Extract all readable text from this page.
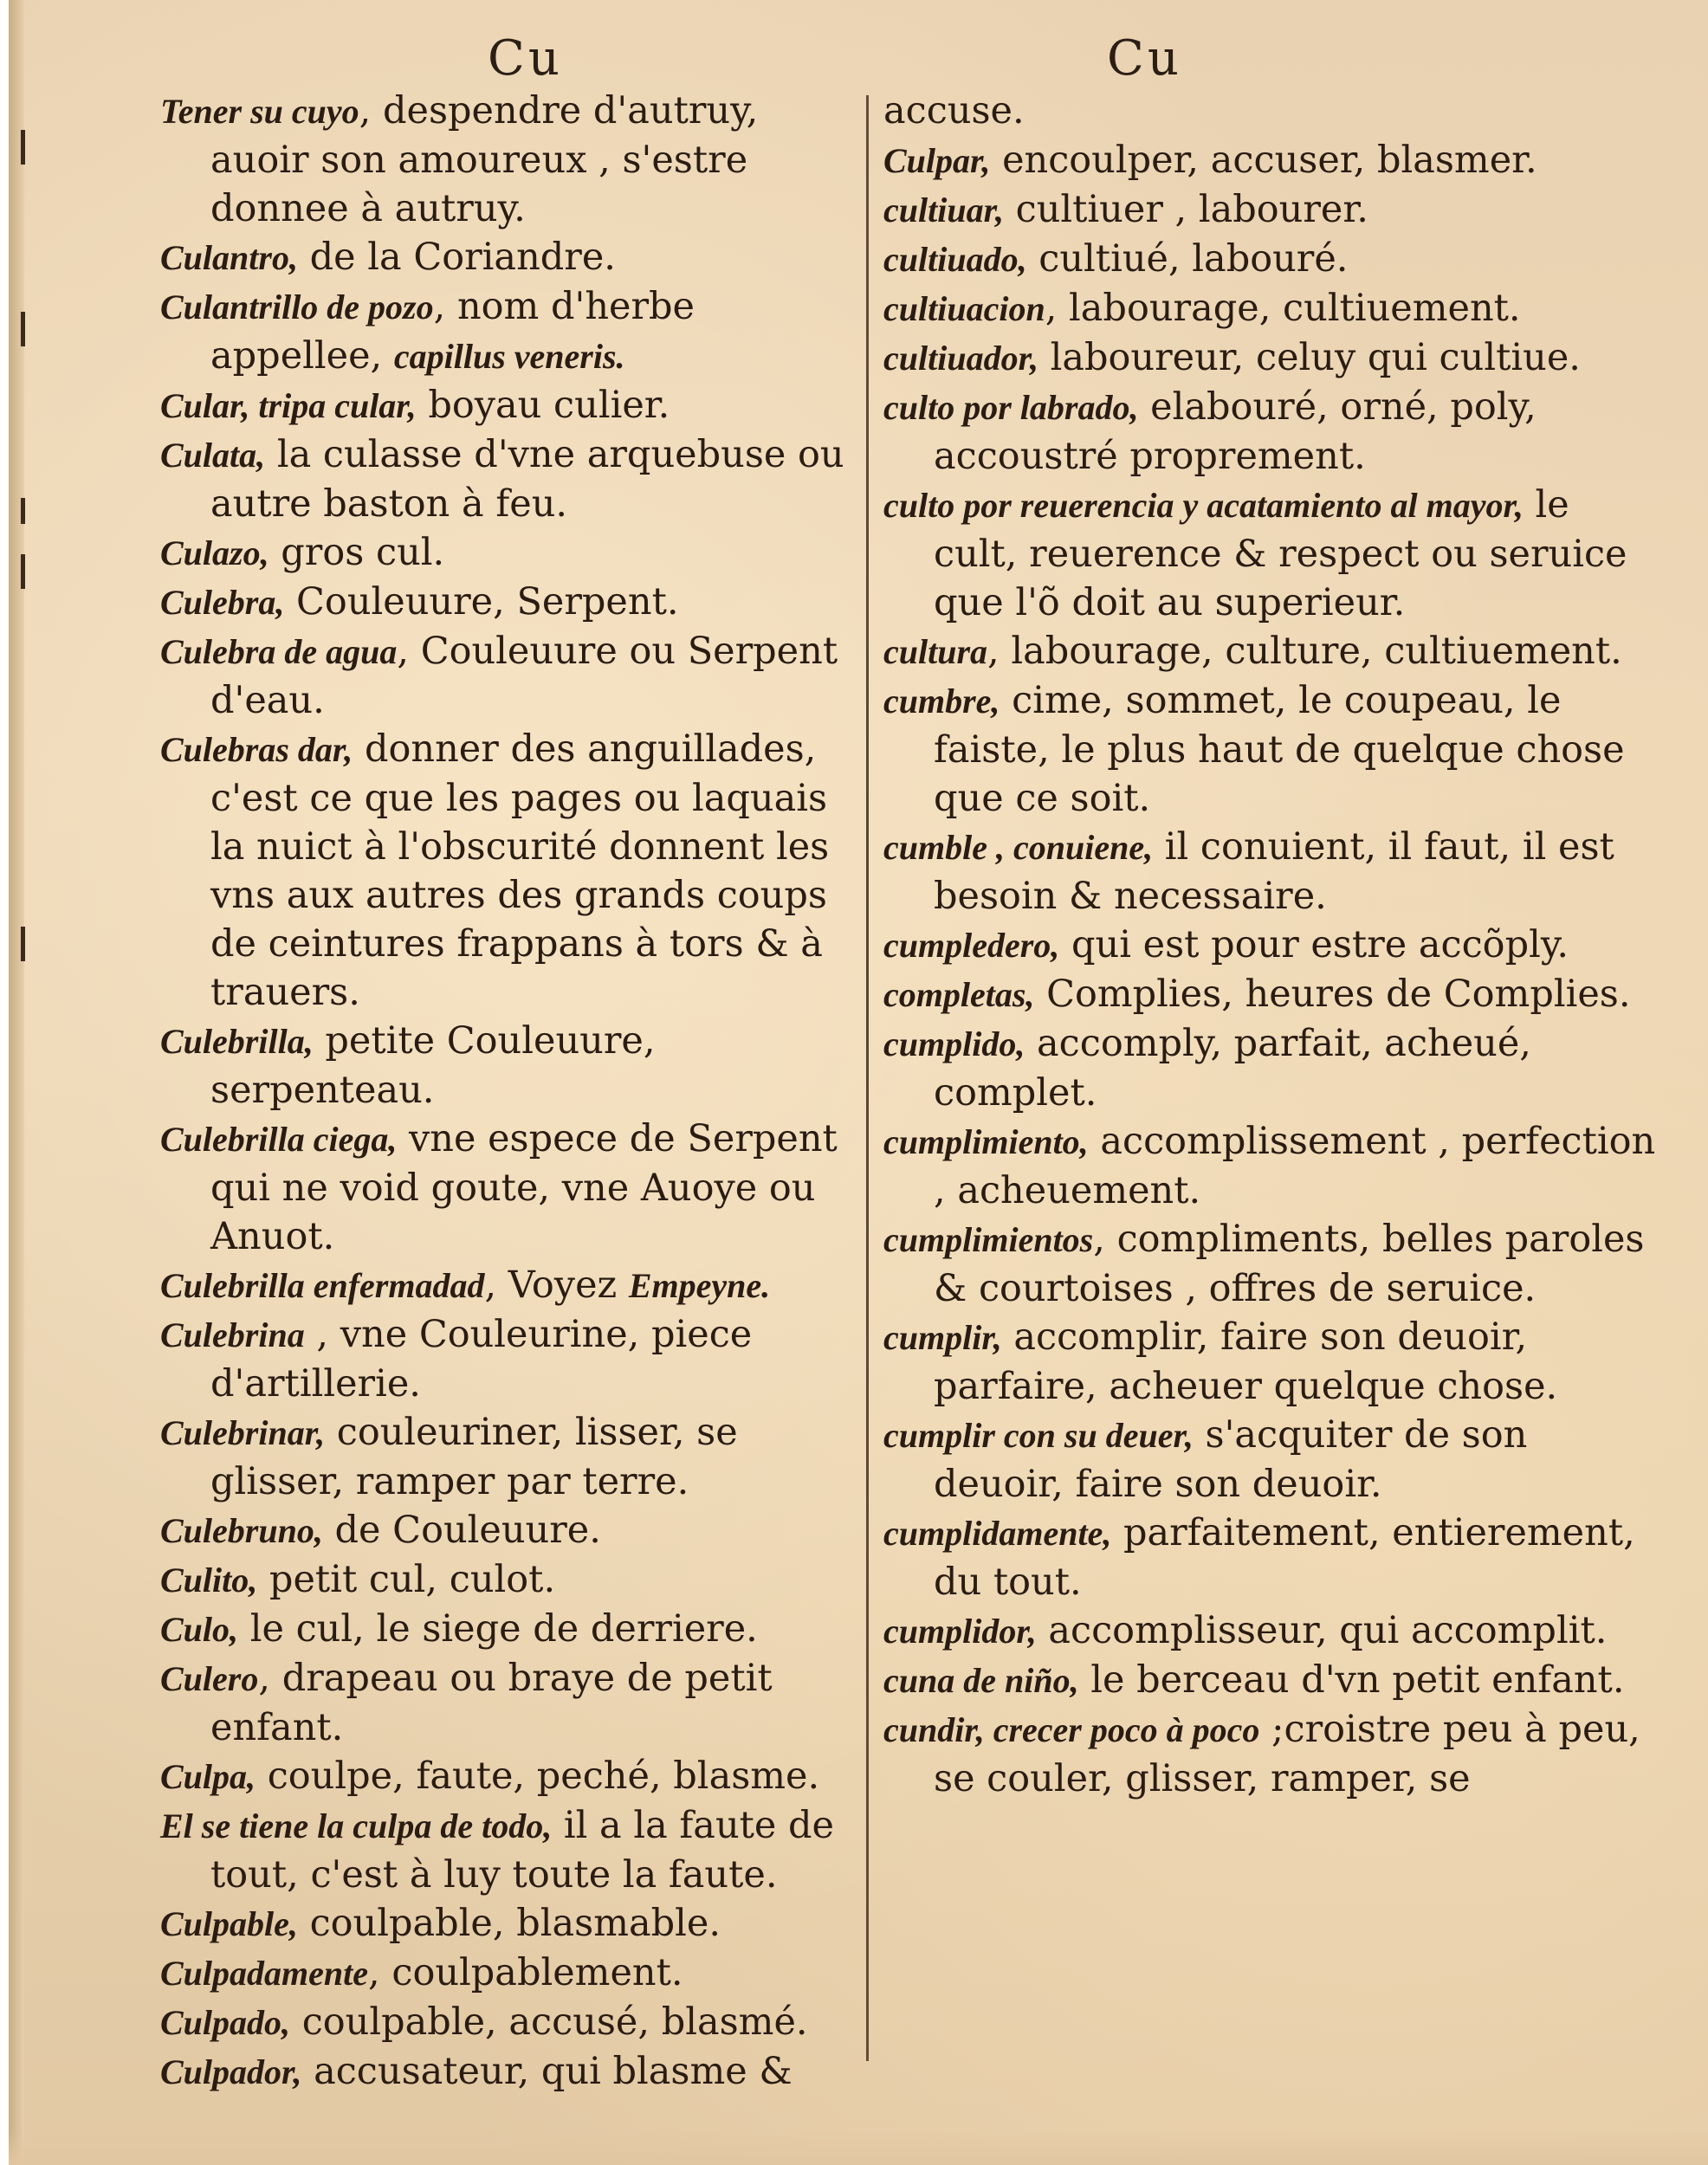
Cu	Cu

Tener su cuyo, despendre d'autruy, auoir son amoureux , s'estre donnee à autruy.

Culantro, de la Coriandre.

Culantrillo de pozo, nom d'herbe appellee, capillus veneris.

Cular, tripa cular, boyau culier.

Culata, la culasse d'vne arquebuse ou autre baston à feu.

Culazo, gros cul.

Culebra, Couleuure, Serpent.

Culebra de agua, Couleuure ou Serpent d'eau.

Culebras dar, donner des anguillades, c'est ce que les pages ou laquais la nuict à l'obscurité donnent les vns aux autres des grands coups de ceintures frappans à tors & à trauers.

Culebrilla, petite Couleuure, serpenteau.

Culebrilla ciega, vne espece de Serpent qui ne void goute, vne Auoye ou Anuot.

Culebrilla enfermadad, Voyez Empeyne.

Culebrina , vne Couleurine, piece d'artillerie.

Culebrinar, couleuriner, lisser, se glisser, ramper par terre.

Culebruno, de Couleuure.

Culito, petit cul, culot.

Culo, le cul, le siege de derriere.

Culero, drapeau ou braye de petit enfant.

Culpa, coulpe, faute, peché, blasme.

El se tiene la culpa de todo, il a la faute de tout, c'est à luy toute la faute.

Culpable, coulpable, blasmable.

Culpadamente, coulpablement.

Culpado, coulpable, accusé, blasmé.

Culpador, accusateur, qui blasme &

accuse.

Culpar, encoulper, accuser, blasmer.

cultiuar, cultiuer , labourer.

cultiuado, cultiué, labouré.

cultiuacion, labourage, cultiuement.

cultiuador, laboureur, celuy qui cultiue.

culto por labrado, elabouré, orné, poly, accoustré proprement.

culto por reuerencia y acatamiento al mayor, le cult, reuerence & respect ou seruice que l'õ doit au superieur.

cultura, labourage, culture, cultiuement.

cumbre, cime, sommet, le coupeau, le faiste, le plus haut de quelque chose que ce soit.

cumble , conuiene, il conuient, il faut, il est besoin & necessaire.

cumpledero, qui est pour estre accõply.

completas, Complies, heures de Complies.

cumplido, accomply, parfait, acheué, complet.

cumplimiento, accomplissement , perfection , acheuement.

cumplimientos, compliments, belles paroles & courtoises , offres de seruice.

cumplir, accomplir, faire son deuoir, parfaire, acheuer quelque chose.

cumplir con su deuer, s'acquiter de son deuoir, faire son deuoir.

cumplidamente, parfaitement, entierement, du tout.

cumplidor, accomplisseur, qui accomplit.

cuna de niño, le berceau d'vn petit enfant.

cundir, crecer poco à poco ;croistre peu à peu, se couler, glisser, ramper, se
